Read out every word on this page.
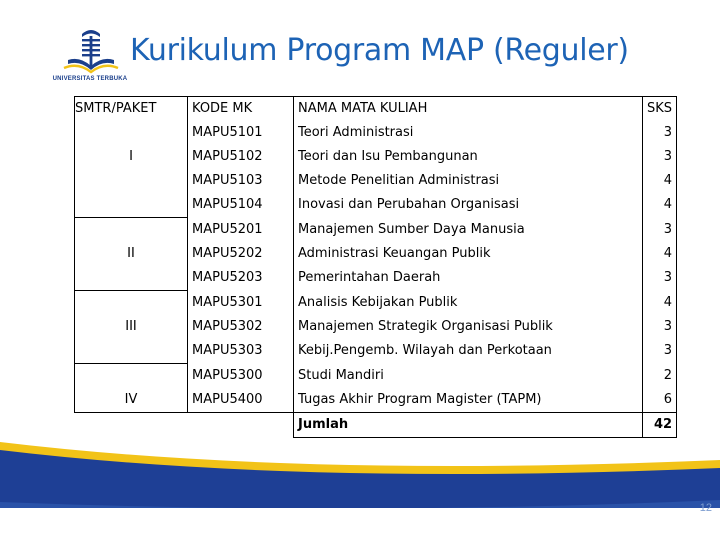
UNIVERSITAS TERBUKA
Kurikulum Program MAP (Reguler)
SMTR/PAKET	KODE MK	NAMA MATA KULIAH	SKS
	MAPU5101	Teori Administrasi	3
I	MAPU5102	Teori dan Isu Pembangunan	3
	MAPU5103	Metode Penelitian Administrasi	4
	MAPU5104	Inovasi dan Perubahan Organisasi	4
	MAPU5201	Manajemen Sumber Daya Manusia	3
II	MAPU5202	Administrasi Keuangan Publik	4
	MAPU5203	Pemerintahan Daerah	3
	MAPU5301	Analisis Kebijakan Publik	4
III	MAPU5302	Manajemen Strategik Organisasi Publik	3
	MAPU5303	Kebij.Pengemb. Wilayah dan Perkotaan	3
	MAPU5300	Studi Mandiri	2
IV	MAPU5400	Tugas Akhir Program Magister (TAPM)	6
		Jumlah	42
12
